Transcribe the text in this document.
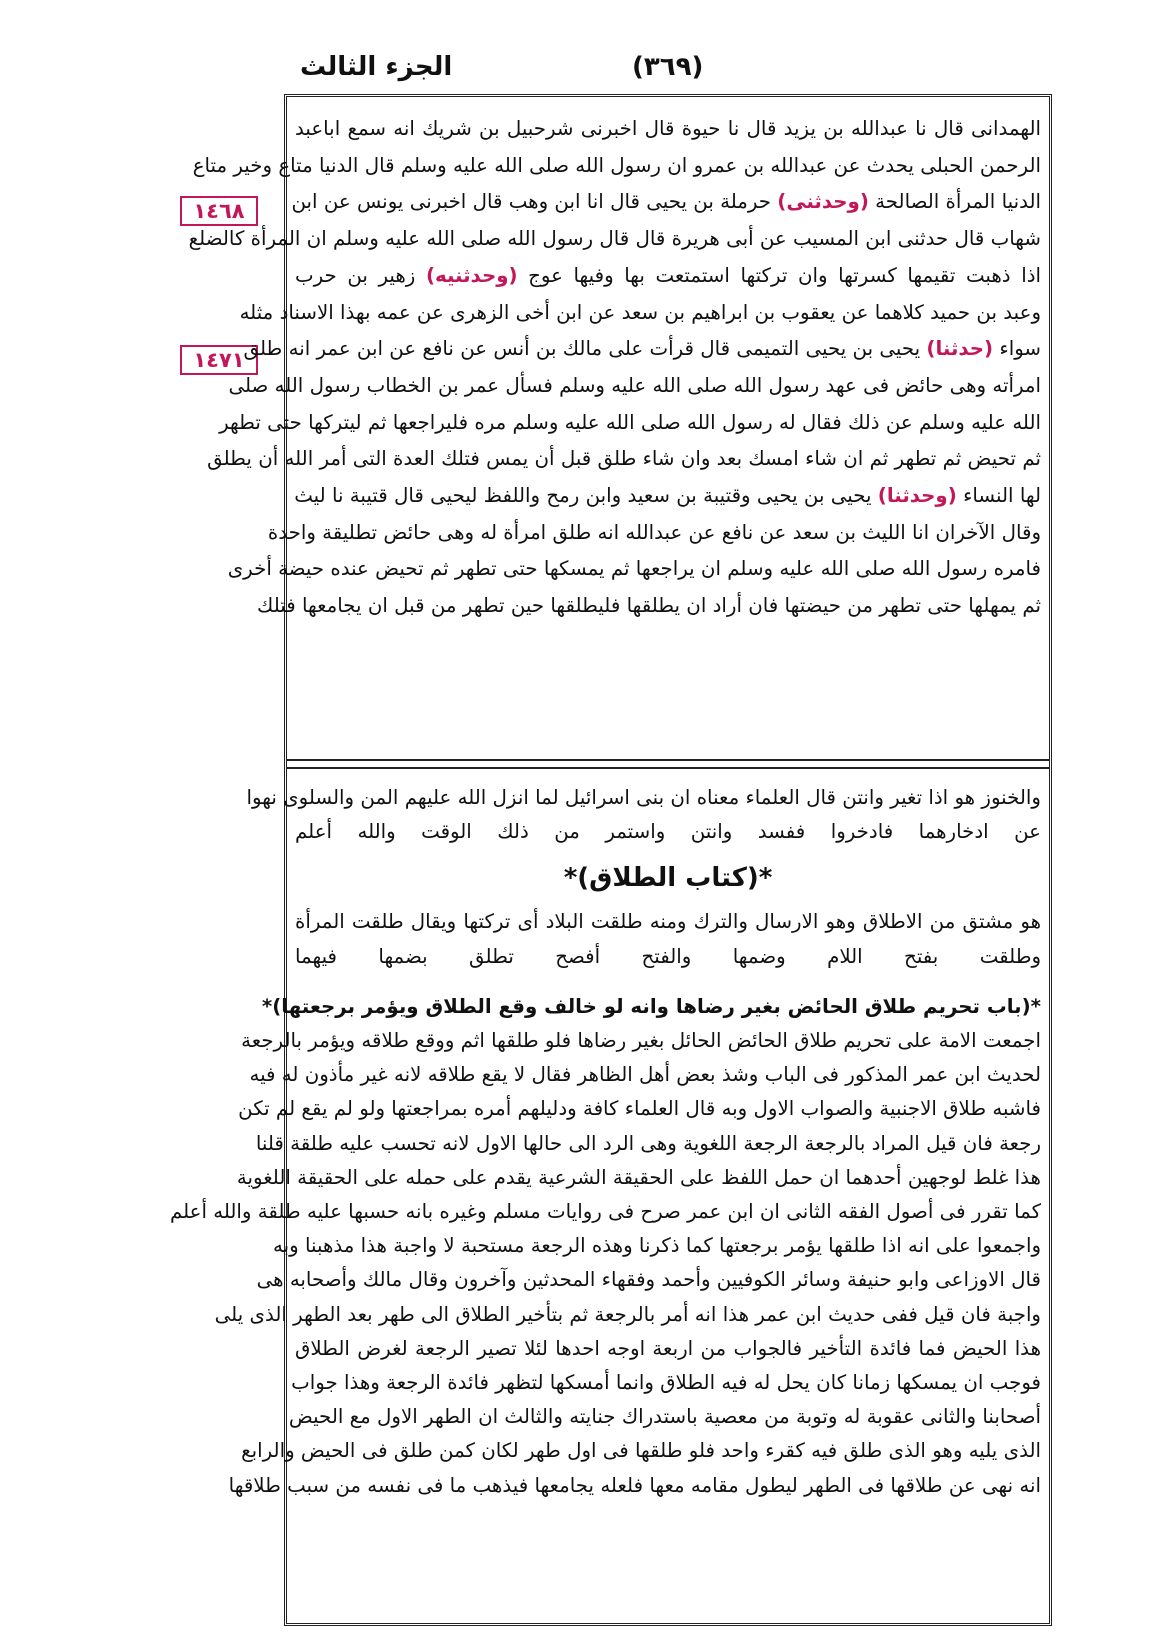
الجزء الثالث	(٣٦٩)
١٤٦٨
١٤٧١
الهمدانى قال نا عبدالله بن يزيد قال نا حيوة قال اخبرنى شرحبيل بن شريك انه سمع اباعبد
الرحمن الحبلى يحدث عن عبدالله بن عمرو ان رسول الله صلى الله عليه وسلم قال الدنيا متاع وخير متاع
الدنيا المرأة الصالحة (وحدثنى) حرملة بن يحيى قال انا ابن وهب قال اخبرنى يونس عن ابن
شهاب قال حدثنى ابن المسيب عن أبى هريرة قال قال رسول الله صلى الله عليه وسلم ان المرأة كالضلع
اذا ذهبت تقيمها كسرتها وان تركتها استمتعت بها وفيها عوج (وحدثنيه) زهير بن حرب
وعبد بن حميد كلاهما عن يعقوب بن ابراهيم بن سعد عن ابن أخى الزهرى عن عمه بهذا الاسناد مثله
سواء (حدثنا) يحيى بن يحيى التميمى قال قرأت على مالك بن أنس عن نافع عن ابن عمر انه طلق
امرأته وهى حائض فى عهد رسول الله صلى الله عليه وسلم فسأل عمر بن الخطاب رسول الله صلى
الله عليه وسلم عن ذلك فقال له رسول الله صلى الله عليه وسلم مره فليراجعها ثم ليتركها حتى تطهر
ثم تحيض ثم تطهر ثم ان شاء امسك بعد وان شاء طلق قبل أن يمس فتلك العدة التى أمر الله أن يطلق
لها النساء (وحدثنا) يحيى بن يحيى وقتيبة بن سعيد وابن رمح واللفظ ليحيى قال قتيبة نا ليث
وقال الآخران انا الليث بن سعد عن نافع عن عبدالله انه طلق امرأة له وهى حائض تطليقة واحدة
فامره رسول الله صلى الله عليه وسلم ان يراجعها ثم يمسكها حتى تطهر ثم تحيض عنده حيضة أخرى
ثم يمهلها حتى تطهر من حيضتها فان أراد ان يطلقها فليطلقها حين تطهر من قبل ان يجامعها فتلك
والخنوز هو اذا تغير وانتن قال العلماء معناه ان بنى اسرائيل لما انزل الله عليهم المن والسلوى نهوا
عن ادخارهما فادخروا ففسد وانتن واستمر من ذلك الوقت والله أعلم
*(كتاب الطلاق)*
هو مشتق من الاطلاق وهو الارسال والترك ومنه طلقت البلاد أى تركتها ويقال طلقت المرأة
وطلقت بفتح اللام وضمها والفتح أفصح تطلق بضمها فيهما
*(باب تحريم طلاق الحائض بغير رضاها وانه لو خالف وقع الطلاق ويؤمر برجعتها)*
اجمعت الامة على تحريم طلاق الحائض الحائل بغير رضاها فلو طلقها اثم ووقع طلاقه ويؤمر بالرجعة
لحديث ابن عمر المذكور فى الباب وشذ بعض أهل الظاهر فقال لا يقع طلاقه لانه غير مأذون له فيه
فاشبه طلاق الاجنبية والصواب الاول وبه قال العلماء كافة ودليلهم أمره بمراجعتها ولو لم يقع لم تكن
رجعة فان قيل المراد بالرجعة الرجعة اللغوية وهى الرد الى حالها الاول لانه تحسب عليه طلقة قلنا
هذا غلط لوجهين أحدهما ان حمل اللفظ على الحقيقة الشرعية يقدم على حمله على الحقيقة اللغوية
كما تقرر فى أصول الفقه الثانى ان ابن عمر صرح فى روايات مسلم وغيره بانه حسبها عليه طلقة والله أعلم
واجمعوا على انه اذا طلقها يؤمر برجعتها كما ذكرنا وهذه الرجعة مستحبة لا واجبة هذا مذهبنا وبه
قال الاوزاعى وابو حنيفة وسائر الكوفيين وأحمد وفقهاء المحدثين وآخرون وقال مالك وأصحابه هى
واجبة فان قيل ففى حديث ابن عمر هذا انه أمر بالرجعة ثم بتأخير الطلاق الى طهر بعد الطهر الذى يلى
هذا الحيض فما فائدة التأخير فالجواب من اربعة اوجه احدها لئلا تصير الرجعة لغرض الطلاق
فوجب ان يمسكها زمانا كان يحل له فيه الطلاق وانما أمسكها لتظهر فائدة الرجعة وهذا جواب
أصحابنا والثانى عقوبة له وتوبة من معصية باستدراك جنايته والثالث ان الطهر الاول مع الحيض
الذى يليه وهو الذى طلق فيه كقرء واحد فلو طلقها فى اول طهر لكان كمن طلق فى الحيض والرابع
انه نهى عن طلاقها فى الطهر ليطول مقامه معها فلعله يجامعها فيذهب ما فى نفسه من سبب طلاقها
